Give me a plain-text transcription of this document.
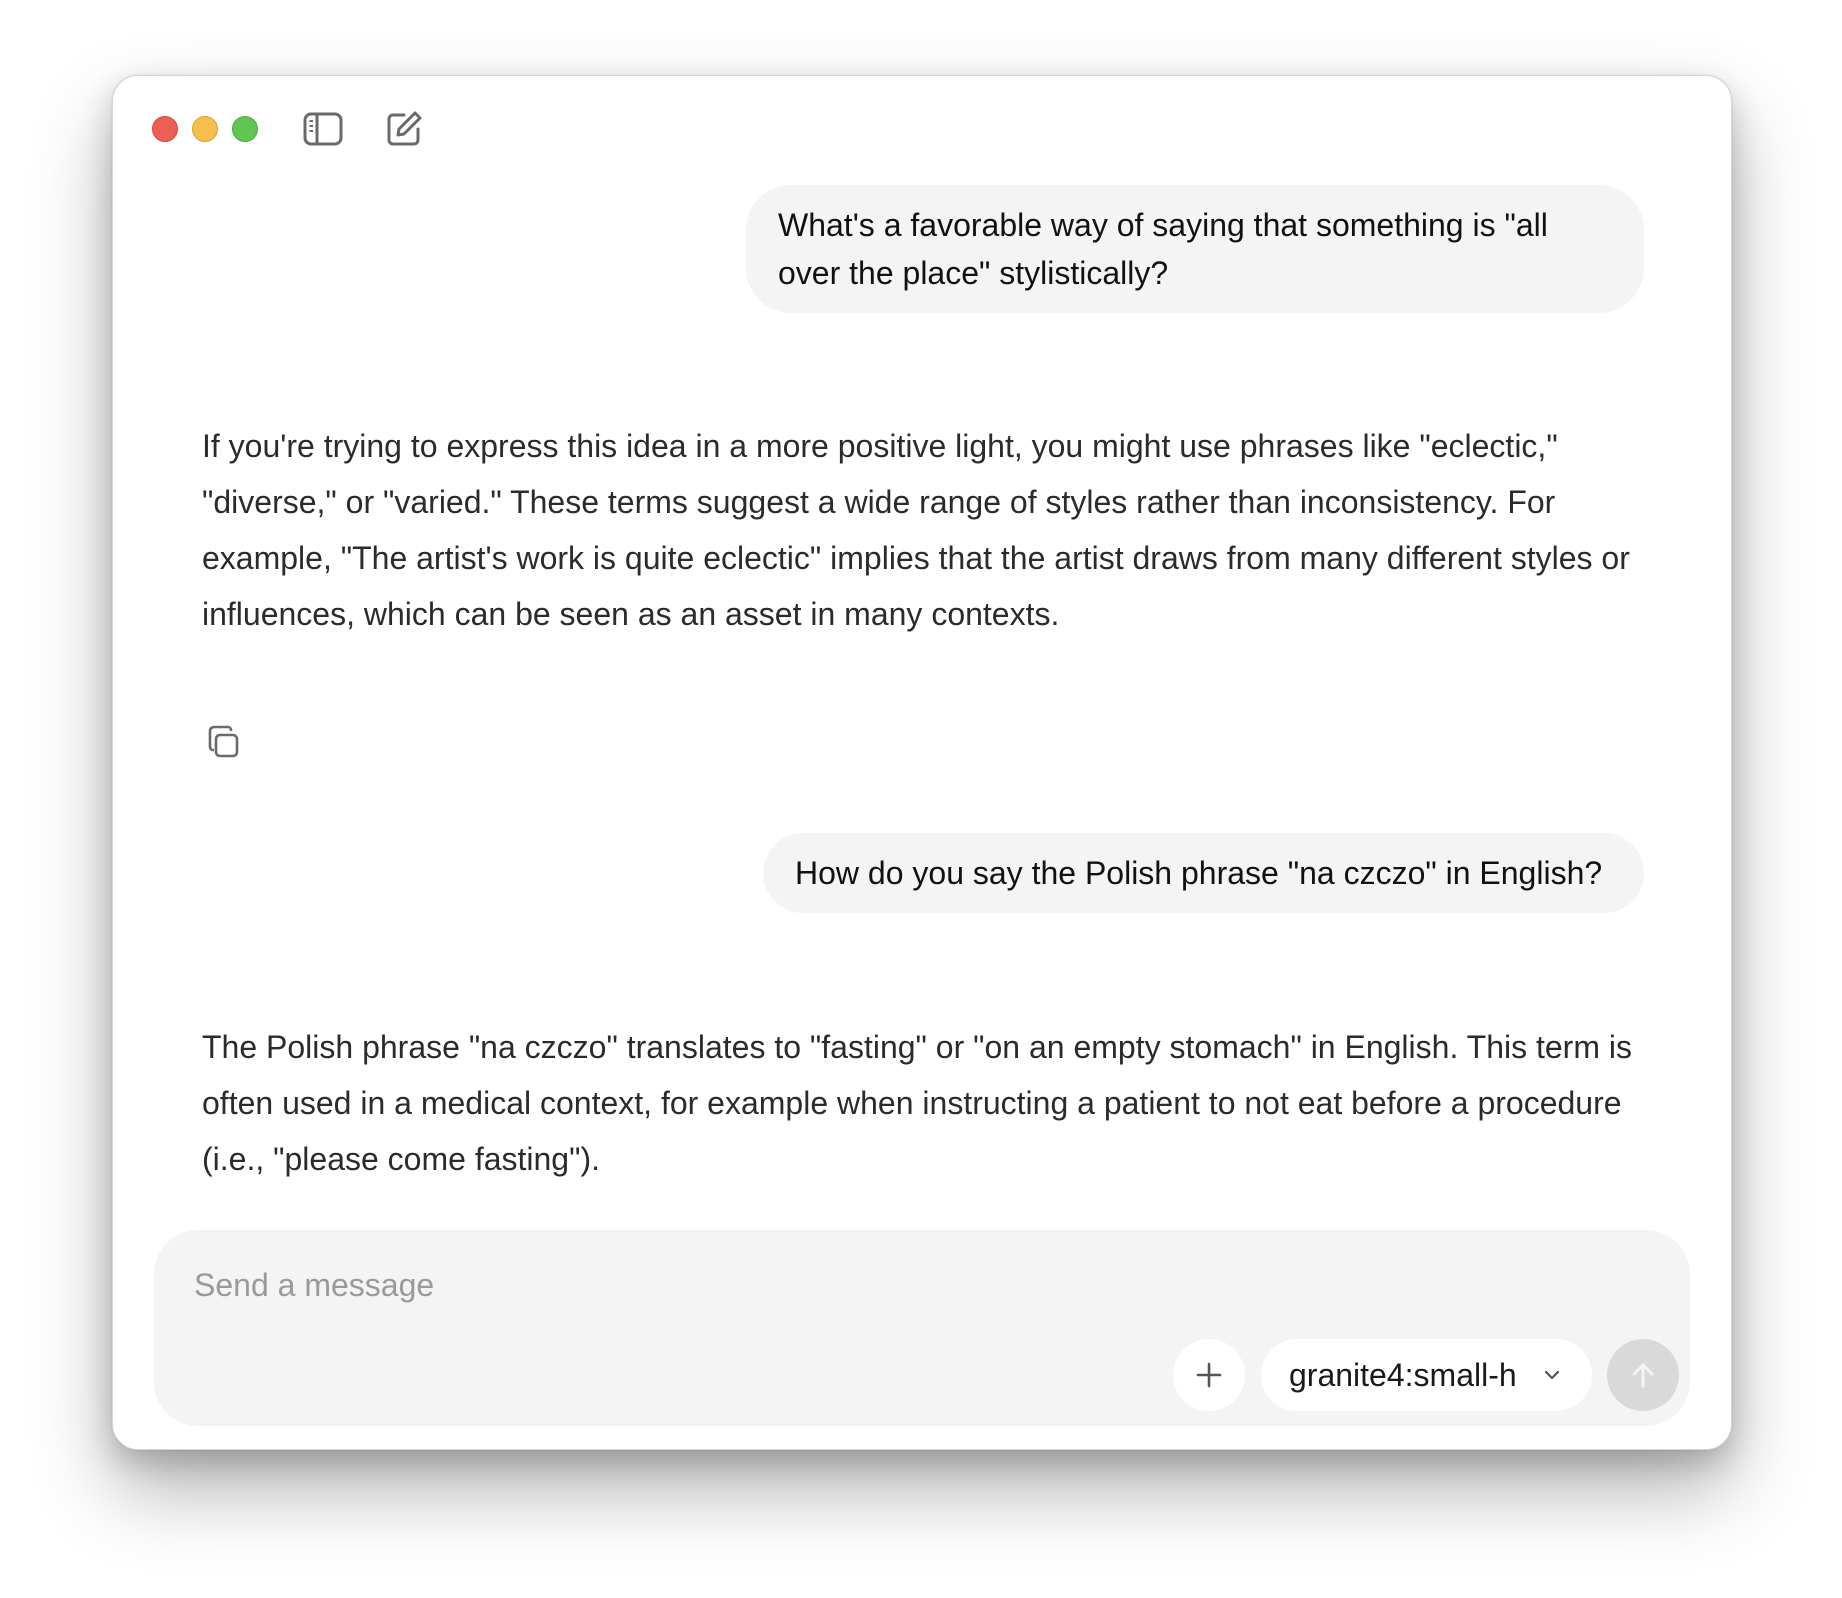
What's a favorable way of saying that something is "all over the place" stylistically?
If you're trying to express this idea in a more positive light, you might use phrases like "eclectic," "diverse," or "varied." These terms suggest a wide range of styles rather than inconsistency. For example, "The artist's work is quite eclectic" implies that the artist draws from many different styles or influences, which can be seen as an asset in many contexts.
How do you say the Polish phrase "na czczo" in English?
The Polish phrase "na czczo" translates to "fasting" or "on an empty stomach" in English. This term is often used in a medical context, for example when instructing a patient to not eat before a procedure (i.e., "please come fasting").
Send a message
granite4:small-h
